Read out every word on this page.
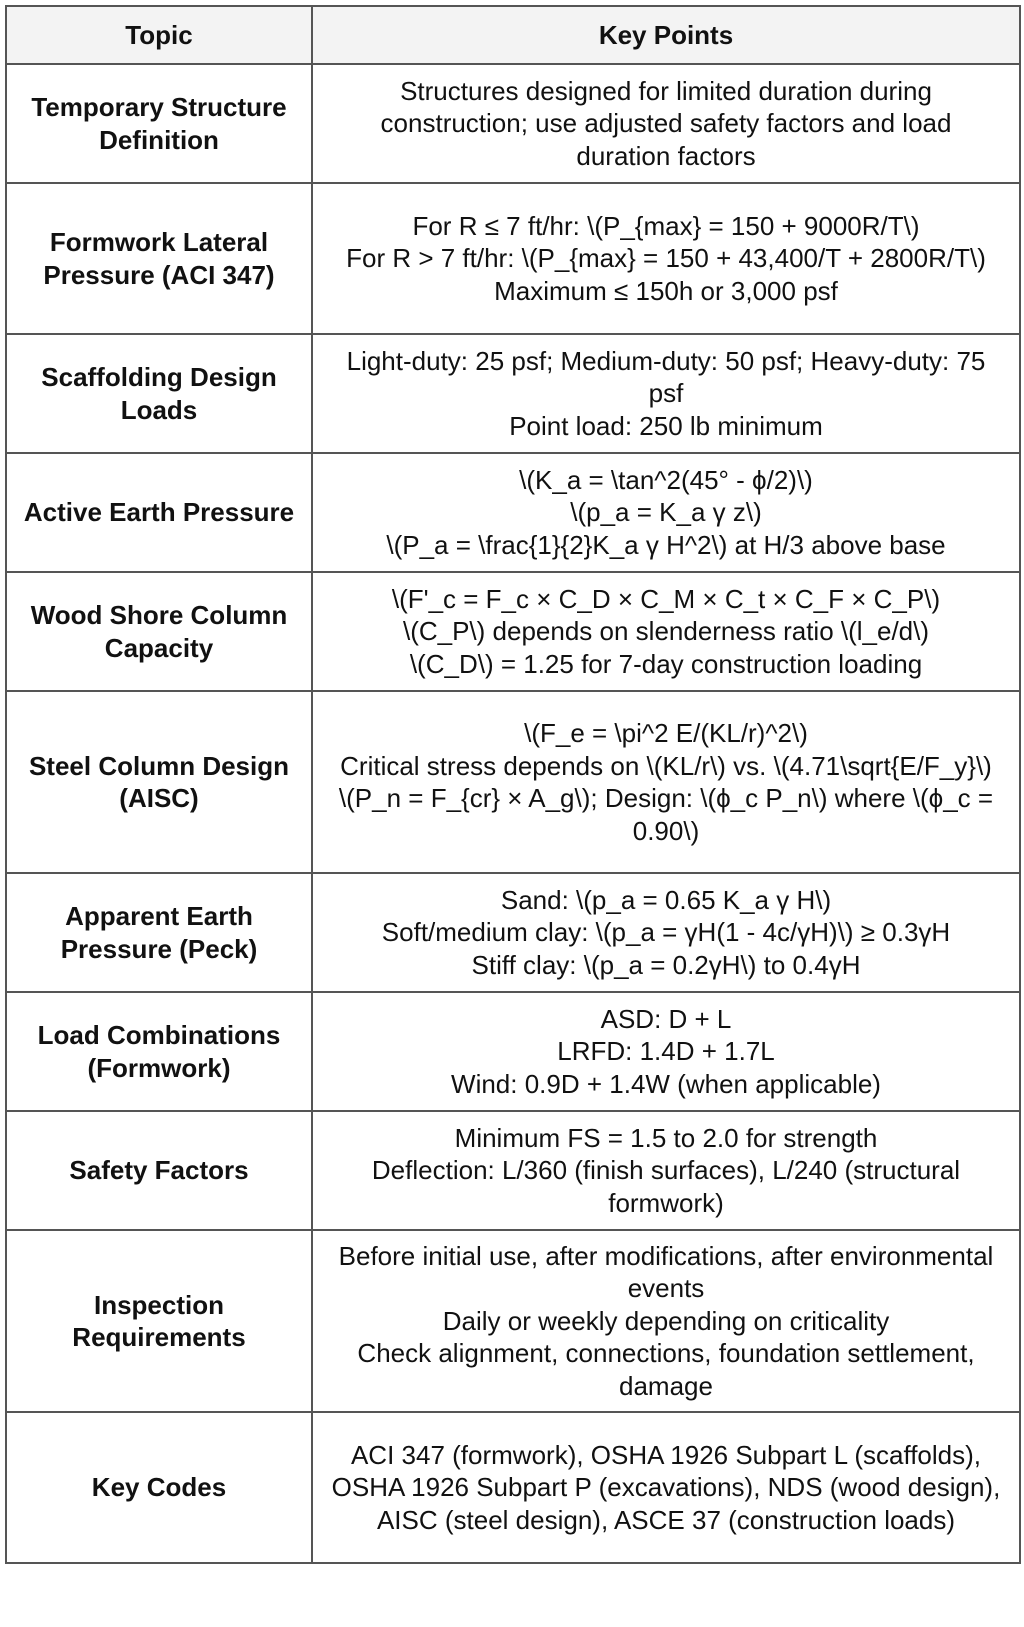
Topic	Key Points
Temporary Structure Definition	Structures designed for limited duration during construction; use adjusted safety factors and load duration factors

Formwork Lateral Pressure (ACI 347)	For R ≤ 7 ft/hr: \(P_{max} = 150 + 9000R/T\)
For R > 7 ft/hr: \(P_{max} = 150 + 43,400/T + 2800R/T\)
Maximum ≤ 150h or 3,000 psf

Scaffolding Design Loads	Light-duty: 25 psf; Medium-duty: 50 psf; Heavy-duty: 75 psf
Point load: 250 lb minimum

Active Earth Pressure	\(K_a = \tan^2(45° - ϕ/2)\)
\(p_a = K_a γ z\)
\(P_a = \frac{1}{2}K_a γ H^2\) at H/3 above base

Wood Shore Column Capacity	\(F'_c = F_c × C_D × C_M × C_t × C_F × C_P\)
\(C_P\) depends on slenderness ratio \(l_e/d\)
\(C_D\) = 1.25 for 7-day construction loading

Steel Column Design (AISC)	\(F_e = \pi^2 E/(KL/r)^2\)
Critical stress depends on \(KL/r\) vs. \(4.71\sqrt{E/F_y}\)
\(P_n = F_{cr} × A_g\); Design: \(ϕ_c P_n\) where \(ϕ_c = 0.90\)

Apparent Earth Pressure (Peck)	Sand: \(p_a = 0.65 K_a γ H\)
Soft/medium clay: \(p_a = γH(1 - 4c/γH)\) ≥ 0.3γH
Stiff clay: \(p_a = 0.2γH\) to 0.4γH

Load Combinations (Formwork)	ASD: D + L
LRFD: 1.4D + 1.7L
Wind: 0.9D + 1.4W (when applicable)

Safety Factors	Minimum FS = 1.5 to 2.0 for strength
Deflection: L/360 (finish surfaces), L/240 (structural formwork)

Inspection Requirements	Before initial use, after modifications, after environmental events
Daily or weekly depending on criticality
Check alignment, connections, foundation settlement, damage

Key Codes	ACI 347 (formwork), OSHA 1926 Subpart L (scaffolds), OSHA 1926 Subpart P (excavations), NDS (wood design), AISC (steel design), ASCE 37 (construction loads)
